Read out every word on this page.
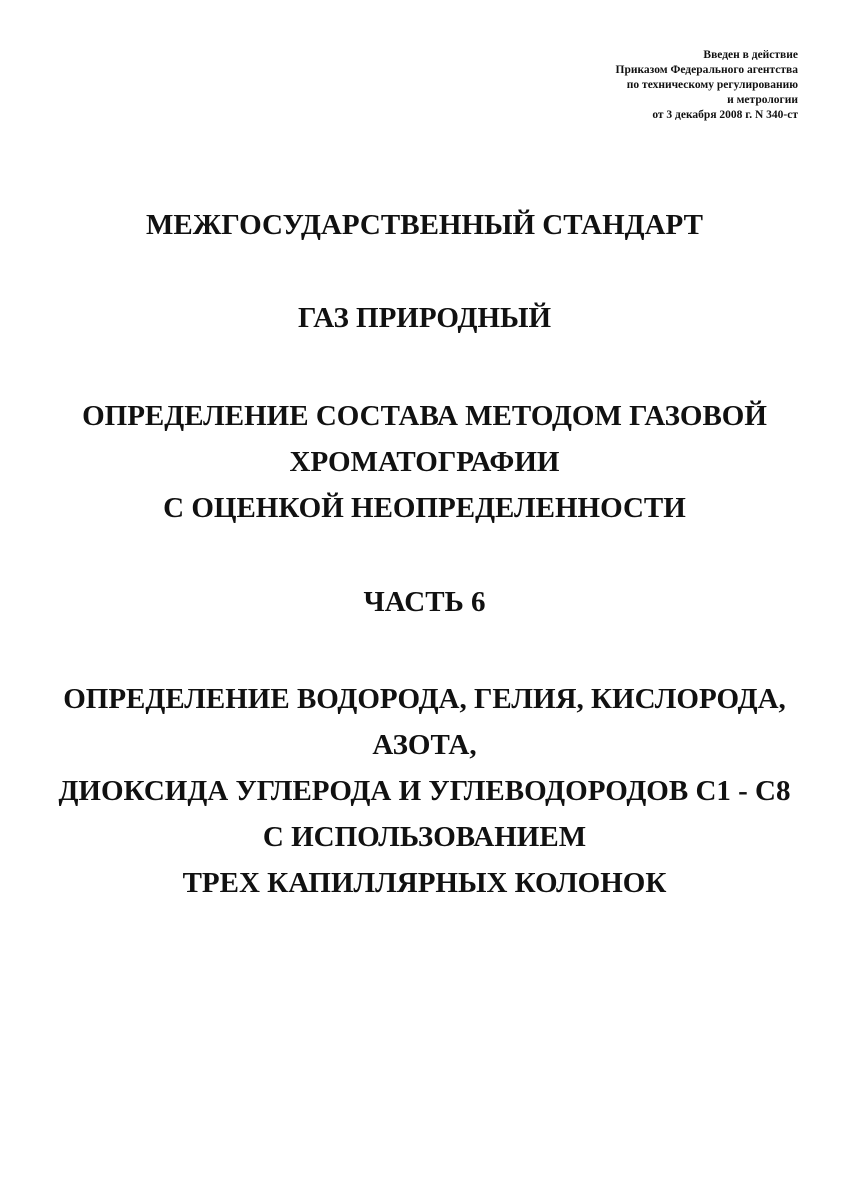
Введен в действие
Приказом Федерального агентства
по техническому регулированию
и метрологии
от 3 декабря 2008 г. N 340-ст
МЕЖГОСУДАРСТВЕННЫЙ СТАНДАРТ
ГАЗ ПРИРОДНЫЙ
ОПРЕДЕЛЕНИЕ СОСТАВА МЕТОДОМ ГАЗОВОЙ
ХРОМАТОГРАФИИ
С ОЦЕНКОЙ НЕОПРЕДЕЛЕННОСТИ
ЧАСТЬ 6
ОПРЕДЕЛЕНИЕ ВОДОРОДА, ГЕЛИЯ, КИСЛОРОДА,
АЗОТА,
ДИОКСИДА УГЛЕРОДА И УГЛЕВОДОРОДОВ С1 - С8
С ИСПОЛЬЗОВАНИЕМ
ТРЕХ КАПИЛЛЯРНЫХ КОЛОНОК
